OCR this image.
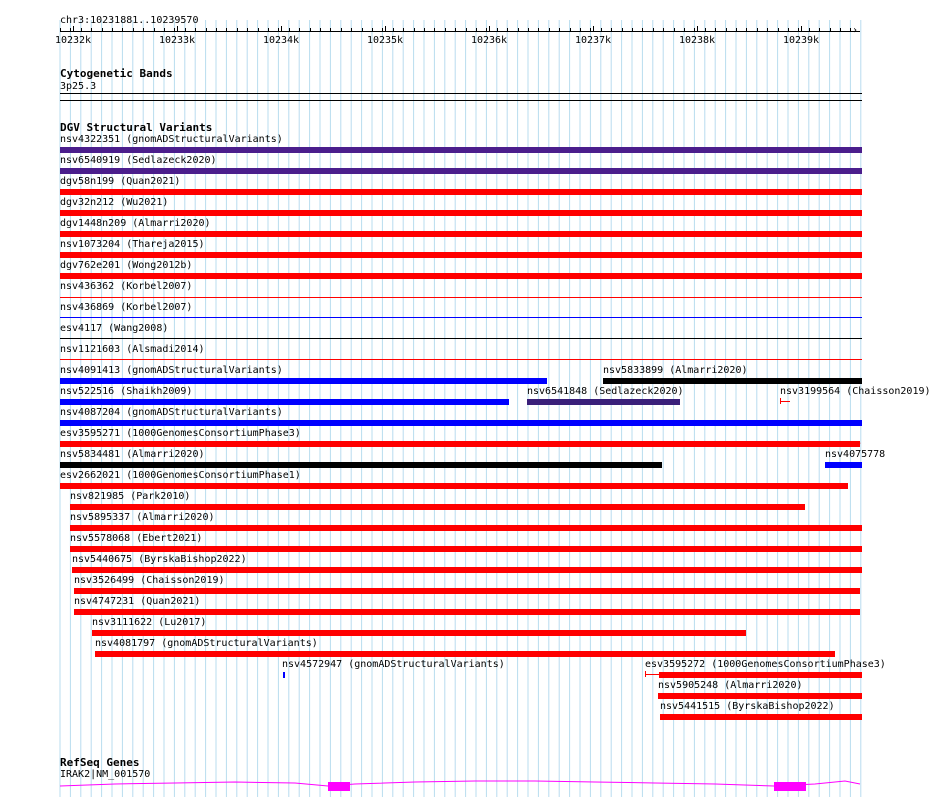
chr3:10231881..10239570
›
10232k	10233k	10234k	10235k	10236k	10237k	10238k	10239k
Cytogenetic Bands
3p25.3
DGV Structural Variants
nsv4322351 (gnomADStructuralVariants)
nsv6540919 (Sedlazeck2020)
dgv58n199 (Quan2021)
dgv32n212 (Wu2021)
dgv1448n209 (Almarri2020)
nsv1073204 (Thareja2015)
dgv762e201 (Wong2012b)
nsv436362 (Korbel2007)
nsv436869 (Korbel2007)
esv4117 (Wang2008)
nsv1121603 (Alsmadi2014)
nsv4091413 (gnomADStructuralVariants)	nsv5833899 (Almarri2020)
nsv522516 (Shaikh2009)	nsv6541848 (Sedlazeck2020)	nsv3199564 (Chaisson2019)
nsv4087204 (gnomADStructuralVariants)
esv3595271 (1000GenomesConsortiumPhase3)
›
nsv5834481 (Almarri2020)	nsv4075778
esv2662021 (1000GenomesConsortiumPhase1)
nsv821985 (Park2010)
nsv5895337 (Almarri2020)
nsv5578068 (Ebert2021)
nsv5440675 (ByrskaBishop2022)
nsv3526499 (Chaisson2019)
nsv4747231 (Quan2021)
nsv3111622 (Lu2017)
nsv4081797 (gnomADStructuralVariants)
nsv4572947 (gnomADStructuralVariants)	esv3595272 (1000GenomesConsortiumPhase3)
nsv5905248 (Almarri2020)
nsv5441515 (ByrskaBishop2022)
RefSeq Genes
IRAK2|NM_001570
